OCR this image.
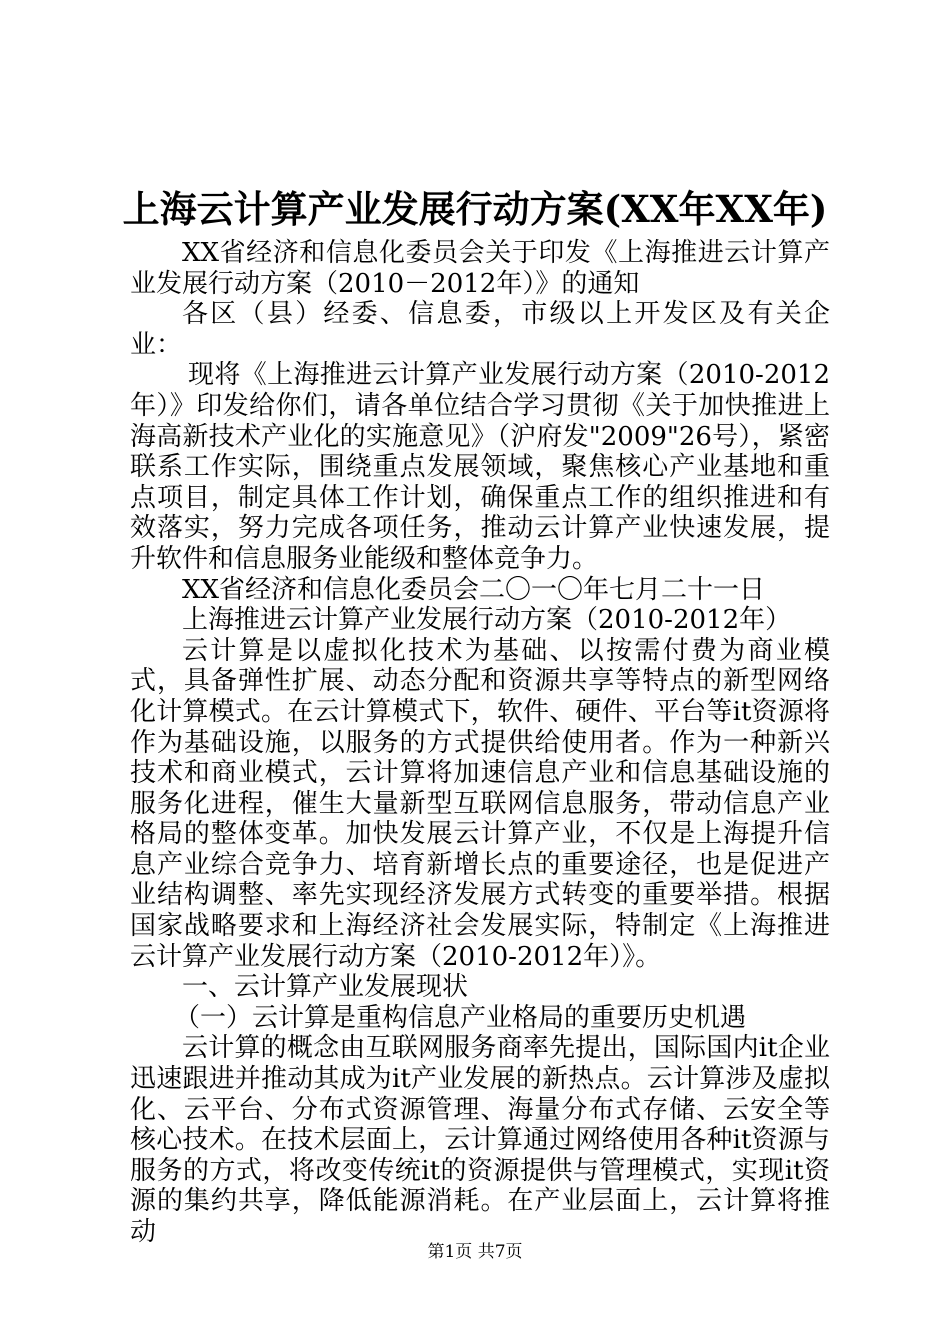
上海云计算产业发展行动方案(XX年XX年)

XX省经济和信息化委员会关于印发《上海推进云计算产业发展行动方案（2010－2012年）》的通知

各区（县）经委、信息委，市级以上开发区及有关企业：

现将《上海推进云计算产业发展行动方案（2010-2012年）》印发给你们，请各单位结合学习贯彻《关于加快推进上海高新技术产业化的实施意见》（沪府发"2009"26号），紧密联系工作实际，围绕重点发展领域，聚焦核心产业基地和重点项目，制定具体工作计划，确保重点工作的组织推进和有效落实，努力完成各项任务，推动云计算产业快速发展，提升软件和信息服务业能级和整体竞争力。

XX省经济和信息化委员会二〇一〇年七月二十一日

上海推进云计算产业发展行动方案（2010-2012年）

云计算是以虚拟化技术为基础、以按需付费为商业模式，具备弹性扩展、动态分配和资源共享等特点的新型网络化计算模式。在云计算模式下，软件、硬件、平台等it资源将作为基础设施，以服务的方式提供给使用者。作为一种新兴技术和商业模式，云计算将加速信息产业和信息基础设施的服务化进程，催生大量新型互联网信息服务，带动信息产业格局的整体变革。加快发展云计算产业，不仅是上海提升信息产业综合竞争力、培育新增长点的重要途径，也是促进产业结构调整、率先实现经济发展方式转变的重要举措。根据国家战略要求和上海经济社会发展实际，特制定《上海推进云计算产业发展行动方案（2010-2012年）》。

一、云计算产业发展现状

（一）云计算是重构信息产业格局的重要历史机遇

云计算的概念由互联网服务商率先提出，国际国内it企业迅速跟进并推动其成为it产业发展的新热点。云计算涉及虚拟化、云平台、分布式资源管理、海量分布式存储、云安全等核心技术。在技术层面上，云计算通过网络使用各种it资源与服务的方式，将改变传统it的资源提供与管理模式，实现it资源的集约共享，降低能源消耗。在产业层面上，云计算将推动

第1页 共7页
